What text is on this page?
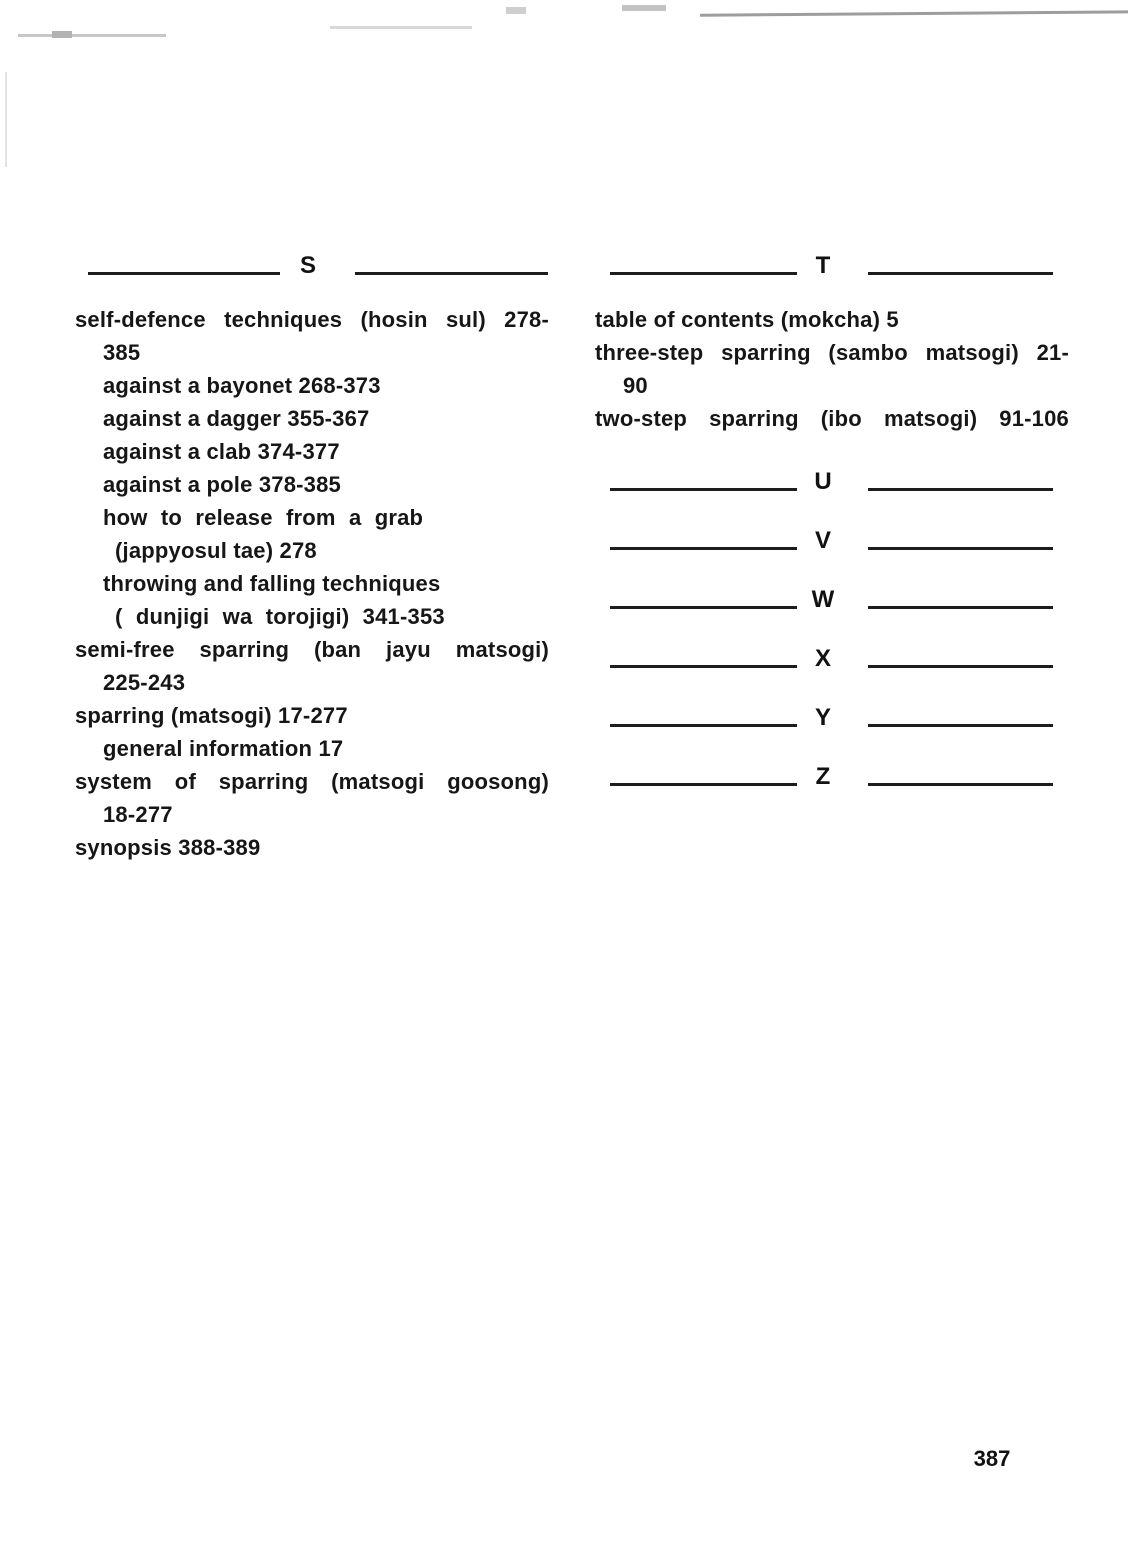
S	T
self-defence techniques (hosin sul) 278-
385
against a bayonet 268-373
against a dagger 355-367
against a clab 374-377
against a pole 378-385
how to release from a grab
(jappyosul tae) 278
throwing and falling techniques
( dunjigi wa torojigi) 341-353
semi-free sparring (ban jayu matsogi)
225-243
sparring (matsogi) 17-277
general information 17
system of sparring (matsogi goosong)
18-277
synopsis 388-389
table of contents (mokcha) 5
three-step sparring (sambo matsogi) 21-
90
two-step sparring (ibo matsogi) 91-106
U
V
W
X
Y
Z
387
